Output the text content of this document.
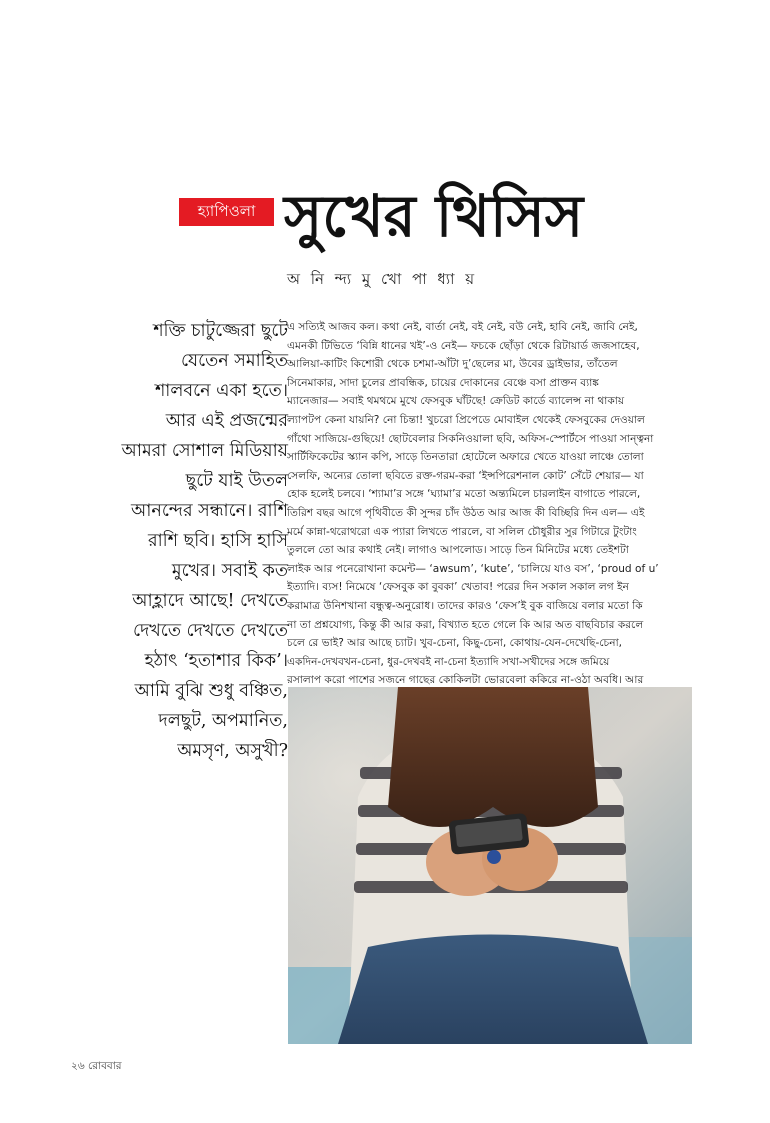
হ্যাপিওলা সুখের থিসিস
অ নি ন্দ্য মু খো পা ধ্যা য়
শক্তি চাটুজ্জেরা ছুটে
যেতেন সমাহিত
শালবনে একা হতে।
আর এই প্রজন্মের
আমরা সোশাল মিডিয়ায়
ছুটে যাই উতল
আনন্দের সন্ধানে। রাশি
রাশি ছবি। হাসি হাসি
মুখের। সবাই কত
আহ্লাদে আছে! দেখতে
দেখতে দেখতে দেখতে
হঠাৎ ‘হতাশার কিক’।
আমি বুঝি শুধু বঞ্চিত,
দলছুট, অপমানিত,
অমসৃণ, অসুখী?
এ সত্যিই আজব কল। কথা নেই, বার্তা নেই, বই নেই, বউ নেই, হাবি নেই, জাবি নেই,
এমনকী টিভিতে ‘বিন্নি ধানের খই’-ও নেই— ফচকে ছোঁড়া থেকে রিটায়ার্ড জজসাহেব,
আলিয়া-কাটিং কিশোরী থেকে চশমা-আঁটা দু’ছেলের মা, উবের ড্রাইভার, তাঁতেল
সিনেমাকার, সাদা চুলের প্রাবন্ধিক, চায়ের দোকানের বেঞ্চে বসা প্রাক্তন ব্যাঙ্ক
ম্যানেজার— সবাই থমথমে মুখে ফেসবুক ঘাঁটছে! ক্রেডিট কার্ডে ব্যালেন্স না থাকায়
ল্যাপটপ কেনা যায়নি? নো চিন্তা! খুচরো প্রিপেডে মোবাইল থেকেই ফেসবুকের দেওয়াল
গাঁথো সাজিয়ে-গুছিয়ে! ছোটবেলার সিকনিওয়ালা ছবি, অফিস-স্পোর্টসে পাওয়া সান্ত্বনা
সার্টিফিকেটের স্ক্যান কপি, সাড়ে তিনতারা হোটেলে অফারে খেতে যাওয়া লাঞ্চে তোলা
সেলফি, অন্যের তোলা ছবিতে রক্ত-গরম-করা ‘ইন্সপিরেশনাল কোট’ সেঁটে শেয়ার— যা
হোক হলেই চলবে। ‘শ্যামা’র সঙ্গে ‘ঘ্যামা’র মতো অন্ত্যমিলে চারলাইন বাগাতে পারলে,
তিরিশ বছর আগে পৃথিবীতে কী সুন্দর চাঁদ উঠত আর আজ কী বিচ্ছিরি দিন এল— এই
মর্মে কান্না-থরোথরো এক প্যারা লিখতে পারলে, বা সলিল চৌধুরীর সুর গিটারে টুংটাং
তুললে তো আর কথাই নেই। লাগাও আপলোড। সাড়ে তিন মিনিটের মধ্যে তেইশটা
লাইক আর পনেরোখানা কমেন্ট— ‘awsum’, ‘kute’, ‘চালিয়ে যাও বস’, ‘proud of u’
ইত্যাদি। ব্যস! নিমেষে ‘ফেসবুক কা বুবকা’ খেতাব! পরের দিন সকাল সকাল লগ ইন
করামাত্র উনিশখানা বন্ধুত্ব-অনুরোধ। তাদের কারও ‘ফেস’ই বুক বাজিয়ে বলার মতো কি
না তা প্রশ্নযোগ্য, কিন্তু কী আর করা, বিখ্যাত হতে গেলে কি আর অত বাছবিচার করলে
চলে রে ভাই? আর আছে চ্যাট। খুব-চেনা, কিছু-চেনা, কোথায়-যেন-দেখেছি-চেনা,
একদিন-দেখবখন-চেনা, ধুর-দেখবই না-চেনা ইত্যাদি সখা-সখীদের সঙ্গে জমিয়ে
রসালাপ করো পাশের সজনে গাছের কোকিলটা ভোরবেলা ককিরে না-ওঠা অবধি। আর
২৬ রোববার
